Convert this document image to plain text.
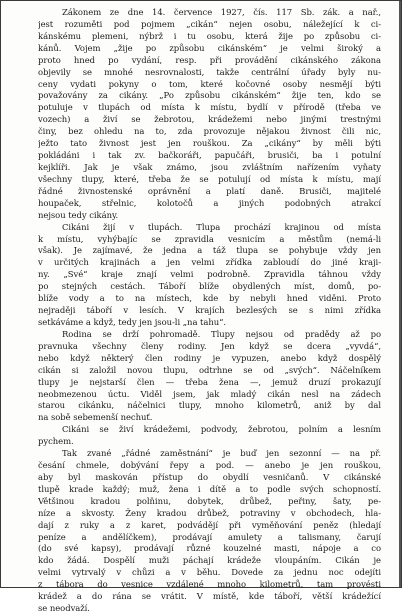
Zákonem ze dne 14. července 1927, čís. 117 Sb. zák. a nař.,
jest rozuměti pod pojmem „cikán“ nejen osobu, náležející k ci-
kánskému plemeni, nýbrž i tu osobu, která žije po způsobu ci-
kánů. Vojem „žije po způsobu cikánském“ je velmi široký a
proto hned po vydání, resp. při provádění cikánského zákona
objevily se mnohé nesrovnalosti, takže centrální úřady byly nu-
ceny vydati pokyny o tom, které kočovné osoby nesmějí býti
považovány za cikány. „Po způsobu cikánském“ žije ten, kdo se
potuluje v tlupách od místa k místu, bydlí v přírodě (třeba ve
vozech) a živí se žebrotou, krádežemi nebo jinými trestnými
činy, bez ohledu na to, zda provozuje nějakou živnost čili nic,
ježto tato živnost jest jen rouškou. Za „cikány“ by měli býti
pokládáni i tak zv. bačkoráři, papučáři, brusiči, ba i potulní
kejklíři. Jak je však známo, jsou zvláštním nařízením vyňaty
všechny tlupy, které, třeba že se potulují od místa k místu, mají
řádné živnostenské oprávnění a platí daně. Brusiči, majitelé
houpaček, střelnic, kolotočů a jiných podobných atrakcí
nejsou tedy cikány.
Cikáni žijí v tlupách. Tlupa prochází krajinou od místa
k místu, vyhýbajíc se zpravidla vesnicím a městům (nemá-li
však). Je zajímavé, že jedna a táž tlupa se pohybuje vždy jen
v určitých krajinách a jen velmi zřídka zabloudí do jiné kraji-
ny. „Své“ kraje znají velmi podrobně. Zpravidla táhnou vždy
po stejných cestách. Táboří blíže obydlených míst, domů, po-
blíže vody a to na místech, kde by nebyli hned viděni. Proto
nejraději táboří v lesích. V krajích bezlesých se s nimi zřídka
setkáváme a když, tedy jen jsou-li „na tahu“.
Rodina se drží pohromadě. Tlupy nejsou od pradědy až po
pravnuka všechny členy rodiny. Jen když se dcera „vyvdá“,
nebo když některý člen rodiny je vypuzen, anebo když dospělý
cikán si založil novou tlupu, odtrhne se od „svých“. Náčelníkem
tlupy je nejstarší člen — třeba žena —, jemuž druzí prokazují
neobmezenou úctu. Viděl jsem, jak mladý cikán nesl na zádech
starou cikánku, náčelnici tlupy, mnoho kilometrů, aniž by dal
na sobě sebemenší nechuť.
Cikáni se živí krádežemi, podvody, žebrotou, polním a lesním
pychem.
Tak zvané „řádné zaměstnání“ je buď jen sezonní — na př.
česání chmele, dobývání řepy a pod. — anebo je jen rouškou,
aby byl maskován přístup do obydlí vesničanů. V cikánské
tlupě krade každý; muž, žena i dítě a to podle svých schopností.
Většinou kradou polňinu, dobytek, drůbež, peřiny, šaty, pe-
níze a skvosty. Ženy kradou drůbež, potraviny v obchodech, hla-
dají z ruky a z karet, podvádějí při vyměňování peněz (hledají
peníze a andělíčkem), prodávají amulety a talismany, čarují
(do své kapsy), prodávají různé kouzelné masti, nápoje a co
kdo žádá. Dospělí muži páchají krádeže vloupáním. Cikán je
velmi vytrvalý v chůzi a v běhu. Dovede za jednu noc odejíti
z tábora do vesnice vzdálené mnoho kilometrů, tam provésti
krádež a do rána se vrátit. V místě, kde táboří, větší krádežící
se neodvaží.
